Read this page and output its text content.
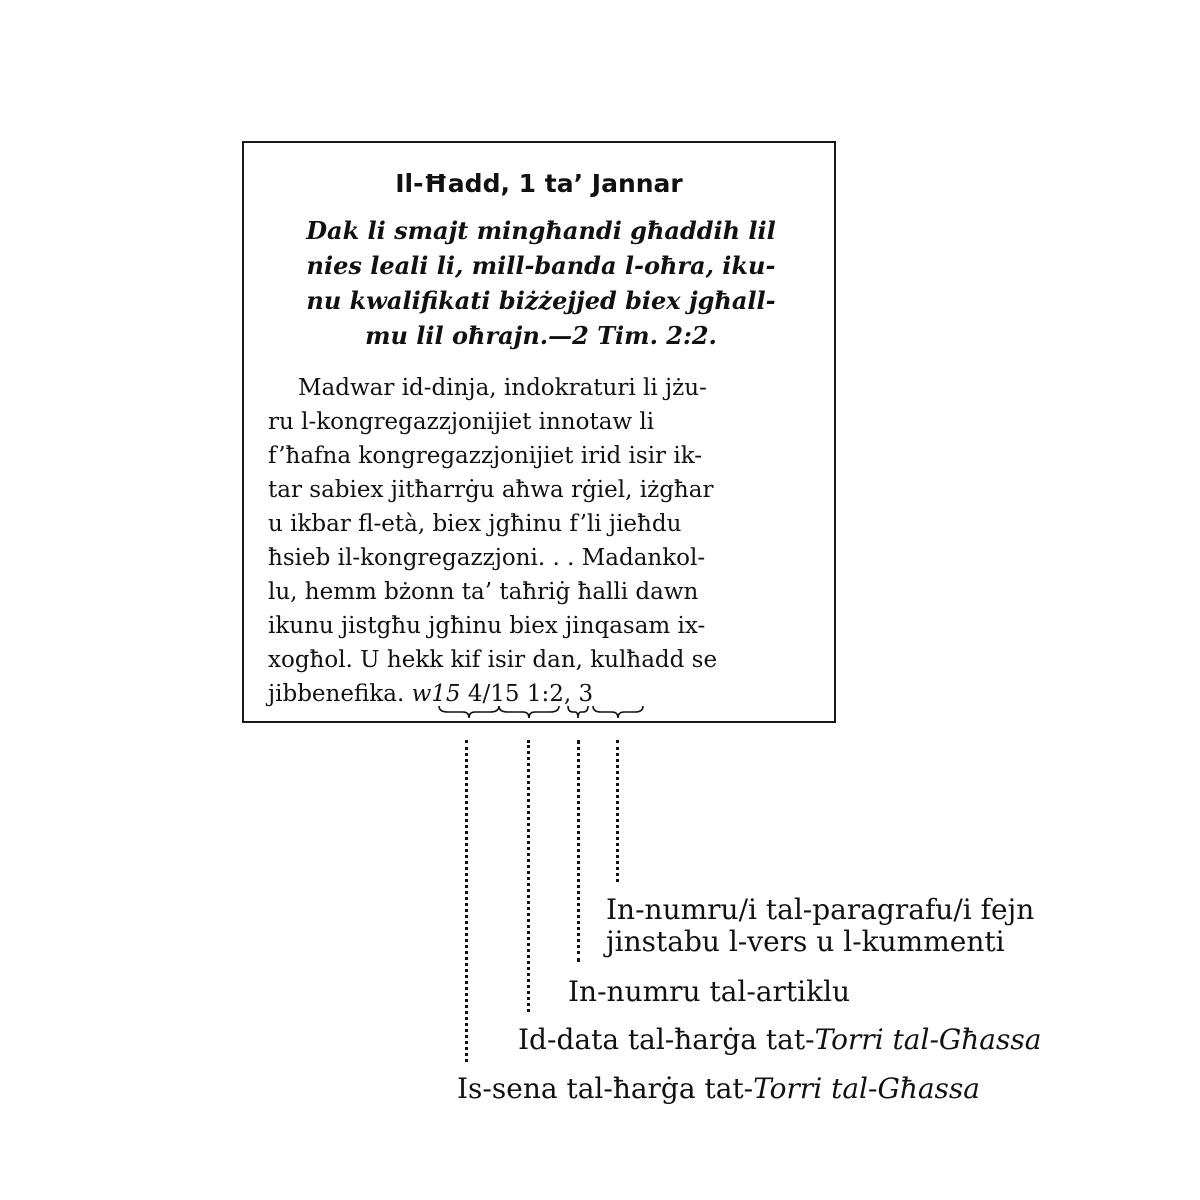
Il-Ħadd, 1 ta’ Jannar
Dak li smajt mingħandi għaddih lil
nies leali li, mill-banda l-oħra, iku-
nu kwalifikati biżżejjed biex jgħall-
mu lil oħrajn.—2 Tim. 2:2.
Madwar id-dinja, indokraturi li jżu-
ru l-kongregazzjonijiet innotaw li
f’ħafna kongregazzjonijiet irid isir ik-
tar sabiex jitħarrġu aħwa rġiel, iżgħar
u ikbar fl-età, biex jgħinu f’li jieħdu
ħsieb il-kongregazzjoni. . . Madankol-
lu, hemm bżonn ta’ taħriġ ħalli dawn
ikunu jistgħu jgħinu biex jinqasam ix-
xogħol. U hekk kif isir dan, kulħadd se
jibbenefika. w15 4/15 1:2, 3
In-numru/i tal-paragrafu/i fejn
jinstabu l-vers u l-kummenti
In-numru tal-artiklu
Id-data tal-ħarġa tat-Torri tal-Għassa
Is-sena tal-ħarġa tat-Torri tal-Għassa
